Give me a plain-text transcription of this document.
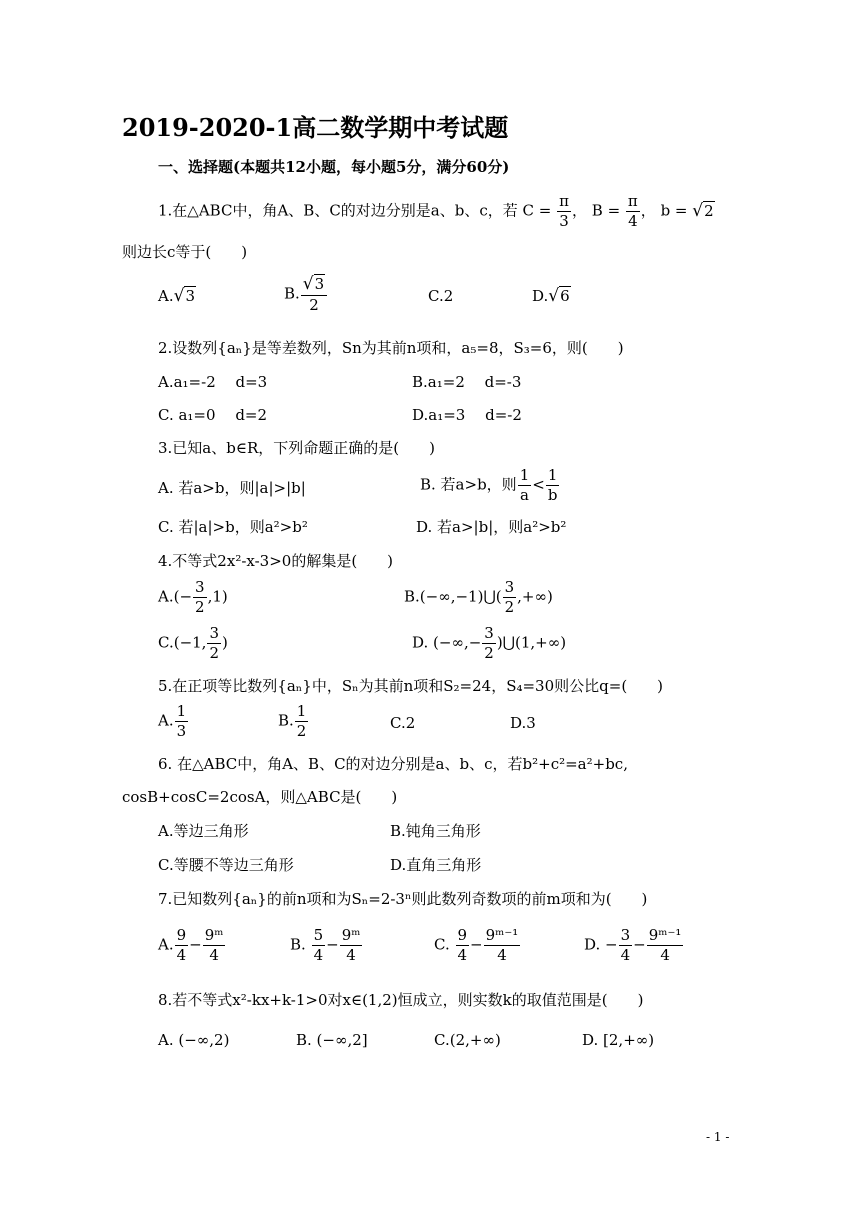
2019-2020-1高二数学期中考试题
一、选择题(本题共12小题，每小题5分，满分60分)
1.在△ABC中，角A、B、C的对边分别是a、b、c，若 $C = \frac{\pi}{3}$ ， $B = \frac{\pi}{4}$ ， b = √2
则边长c等于(　　)
A.√3	B. $\frac{√3}{2}$	C.2	D.√6
2.设数列{aₙ}是等差数列，Sn为其前n项和，a₅=8，S₃=6，则(　　)
A.a₁=-2　 d=3	B.a₁=2　 d=-3
C. a₁=0　 d=2	D.a₁=3　 d=-2
3.已知a、b∈R，下列命题正确的是(　　)
A. 若a>b，则|a|>|b|	B. 若a>b，则 $\frac{1}{a} < \frac{1}{b}$
C. 若|a|>b，则a²>b²	D. 若a>|b|，则a²>b²
4.不等式2x²-x-3>0的解集是(　　)
$A.(- \frac{3}{2} ,1)$	B.(−∞,−1)⋃( $\frac{3}{2}$ ,+∞)
C.(−1, $\frac{3}{2}$ )	D. (−∞,− $\frac{3}{2}$ )⋃(1,+∞)
5.在正项等比数列{aₙ}中，Sₙ为其前n项和S₂=24，S₄=30则公比q=(　　)
A. $\frac{1}{3}$	B. $\frac{1}{2}$	C.2	D.3
6. 在△ABC中，角A、B、C的对边分别是a、b、c，若b²+c²=a²+bc,
cosB+cosC=2cosA，则△ABC是(　　)
A.等边三角形	B.钝角三角形
C.等腰不等边三角形	D.直角三角形
7.已知数列{aₙ}的前n项和为Sₙ=2-3ⁿ则此数列奇数项的前m项和为(　　)
A. $\frac{9}{4} - \frac{\text{9ᵐ}}{4}$	B. $\frac{5}{4} - \frac{\text{9ᵐ}}{4}$	C. $\frac{9}{4} - \frac{\text{9ᵐ⁻¹}}{4}$	D. − $\frac{3}{4} - \frac{\text{9ᵐ⁻¹}}{4}$
8.若不等式x²-kx+k-1>0对x∈(1,2)恒成立，则实数k的取值范围是(　　)
A. (−∞,2)	B. (−∞,2]	C.(2,+∞)	D. [2,+∞)
- 1 -
